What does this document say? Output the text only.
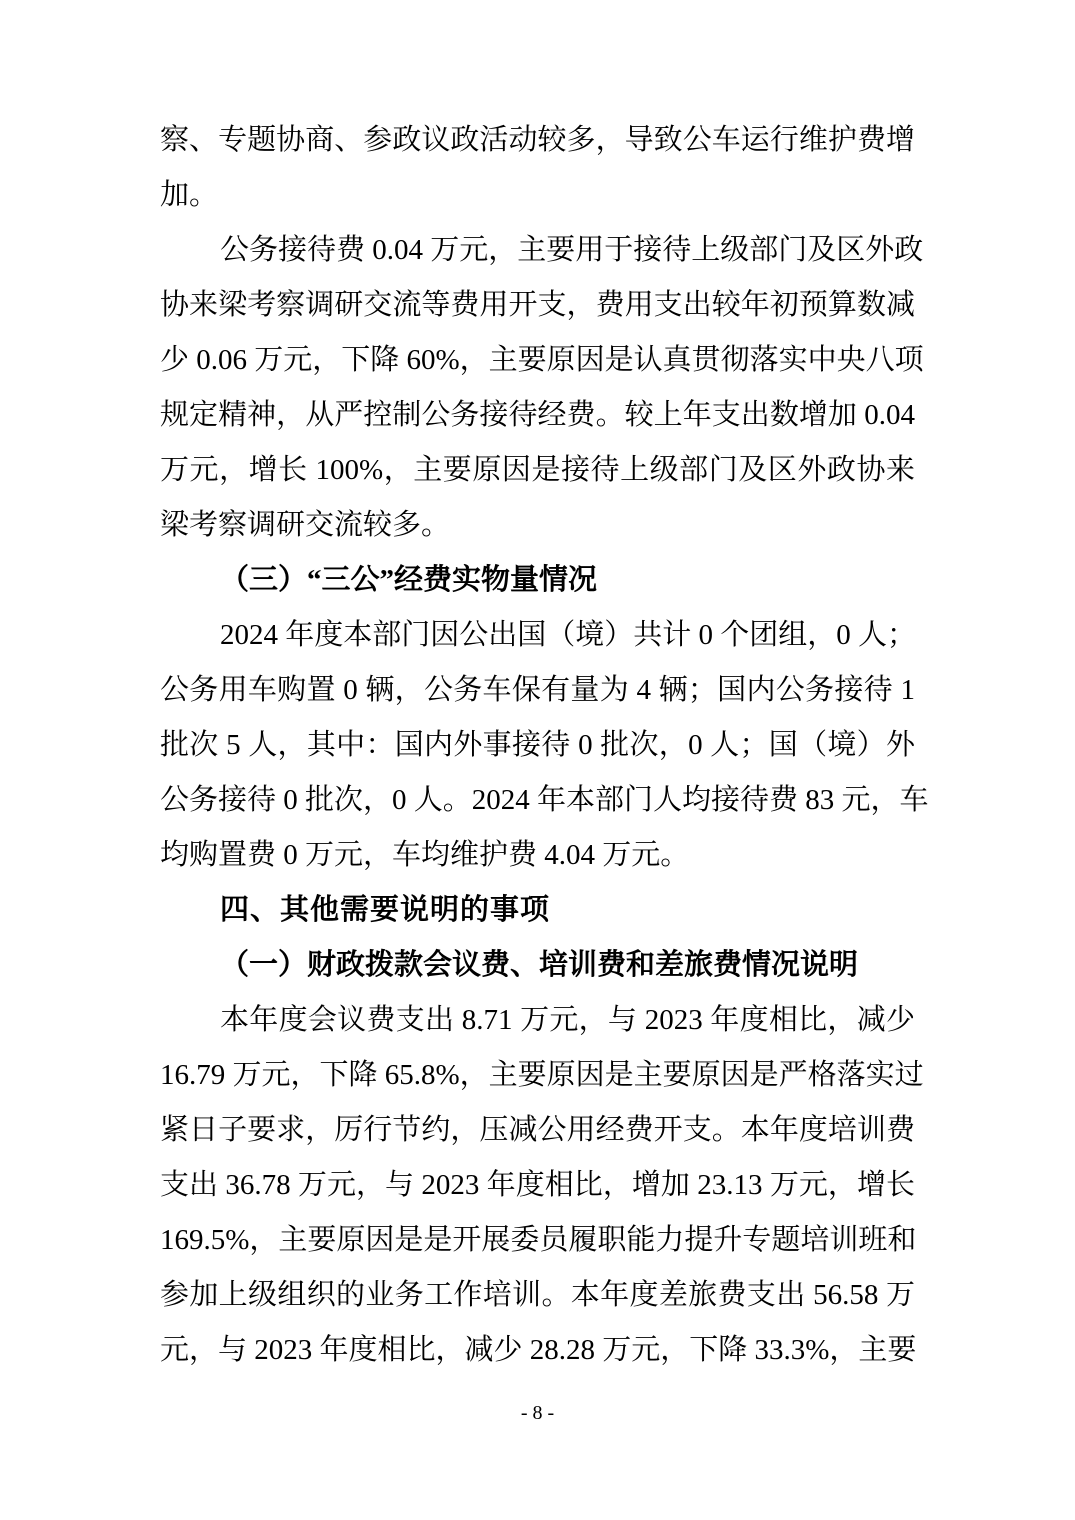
察、专题协商、参政议政活动较多，导致公车运行维护费增
加。
公务接待费 0.04 万元，主要用于接待上级部门及区外政
协来梁考察调研交流等费用开支，费用支出较年初预算数减
少 0.06 万元，下降 60%，主要原因是认真贯彻落实中央八项
规定精神，从严控制公务接待经费。较上年支出数增加 0.04
万元，增长 100%，主要原因是接待上级部门及区外政协来
梁考察调研交流较多。
（三）“三公”经费实物量情况
2024 年度本部门因公出国（境）共计 0 个团组，0 人；
公务用车购置 0 辆，公务车保有量为 4 辆；国内公务接待 1
批次 5 人，其中：国内外事接待 0 批次，0 人；国（境）外
公务接待 0 批次，0 人。2024 年本部门人均接待费 83 元，车
均购置费 0 万元，车均维护费 4.04 万元。
四、其他需要说明的事项
（一）财政拨款会议费、培训费和差旅费情况说明
本年度会议费支出 8.71 万元，与 2023 年度相比，减少
16.79 万元，下降 65.8%，主要原因是主要原因是严格落实过
紧日子要求，厉行节约，压减公用经费开支。本年度培训费
支出 36.78 万元，与 2023 年度相比，增加 23.13 万元，增长
169.5%，主要原因是是开展委员履职能力提升专题培训班和
参加上级组织的业务工作培训。本年度差旅费支出 56.58 万
元，与 2023 年度相比，减少 28.28 万元，下降 33.3%，主要
- 8 -
